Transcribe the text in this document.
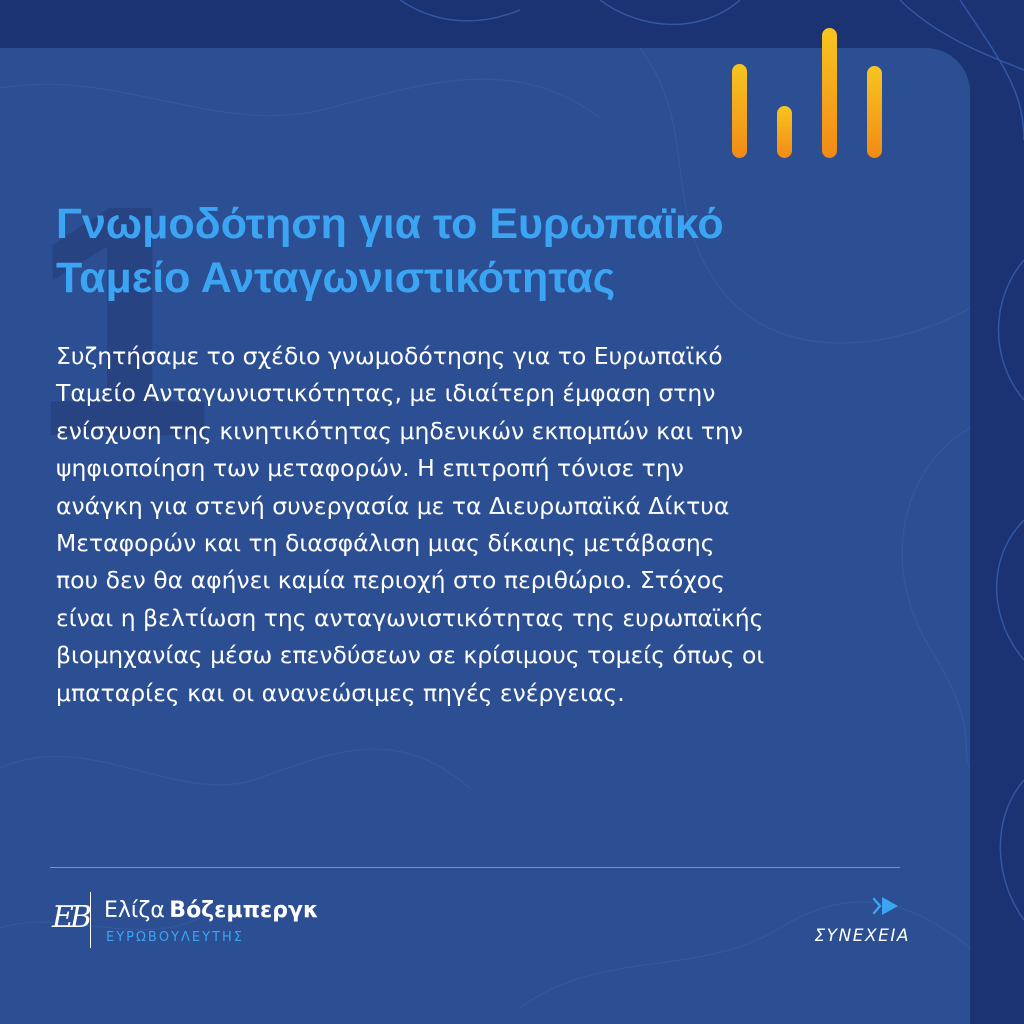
1
Γνωμοδότηση για το Ευρωπαϊκό
Ταμείο Ανταγωνιστικότητας

Συζητήσαμε το σχέδιο γνωμοδότησης για το Ευρωπαϊκό
Ταμείο Ανταγωνιστικότητας, με ιδιαίτερη έμφαση στην
ενίσχυση της κινητικότητας μηδενικών εκπομπών και την
ψηφιοποίηση των μεταφορών. Η επιτροπή τόνισε την
ανάγκη για στενή συνεργασία με τα Διευρωπαϊκά Δίκτυα
Μεταφορών και τη διασφάλιση μιας δίκαιης μετάβασης
που δεν θα αφήνει καμία περιοχή στο περιθώριο. Στόχος
είναι η βελτίωση της ανταγωνιστικότητας της ευρωπαϊκής
βιομηχανίας μέσω επενδύσεων σε κρίσιμους τομείς όπως οι
μπαταρίες και οι ανανεώσιμες πηγές ενέργειας.

EB Ελίζα Βόζεμπεργκ
ΕΥΡΩΒΟΥΛΕΥΤΗΣ	ΣΥΝΕΧΕΙΑ
